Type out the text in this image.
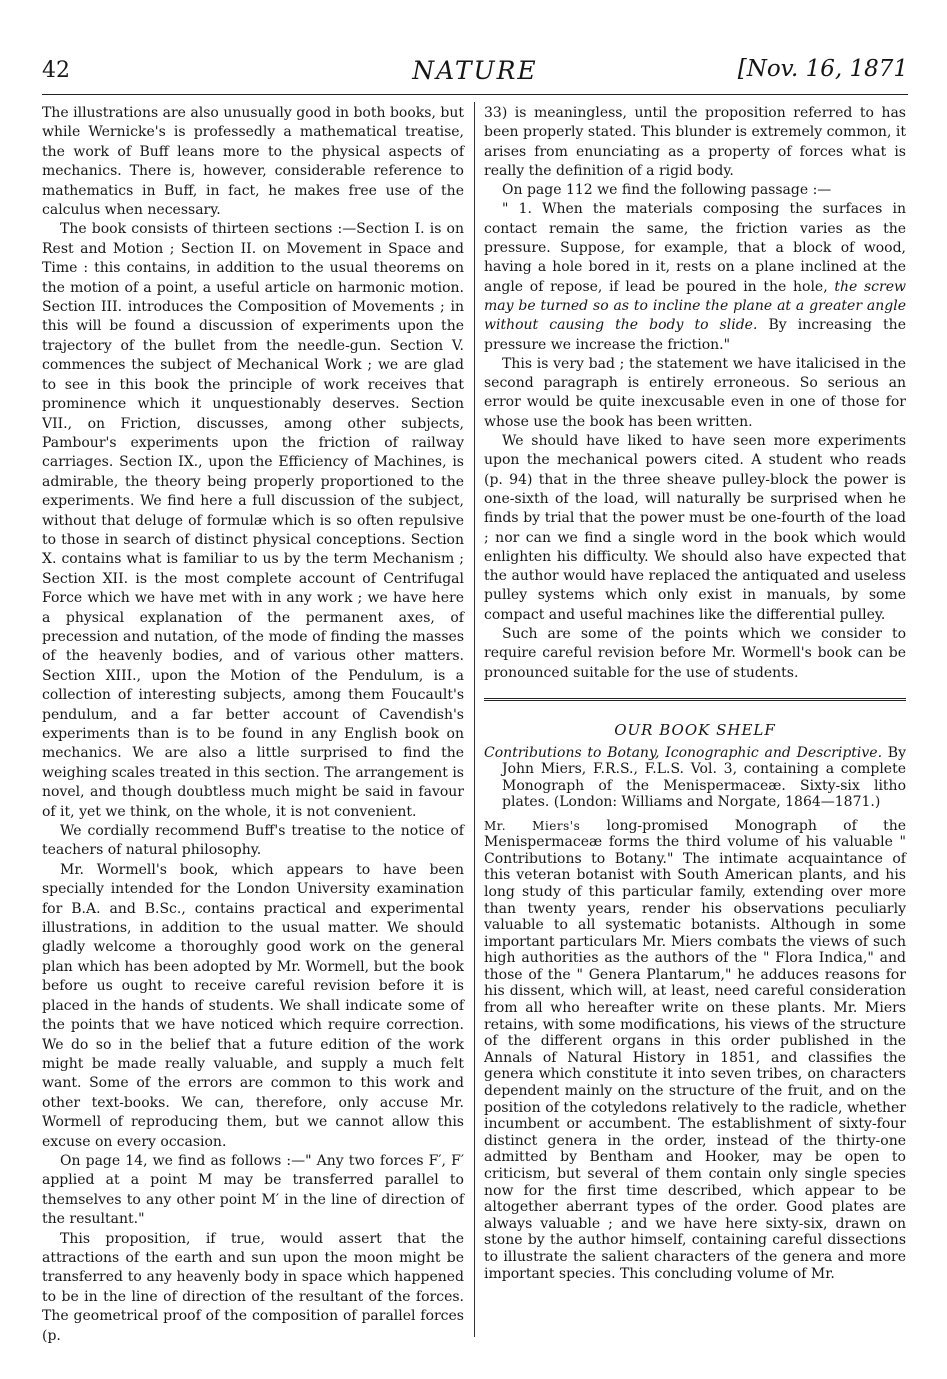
42	NATURE	[Nov. 16, 1871

The illustrations are also unusually good in both books, but while Wernicke's is professedly a mathematical treatise, the work of Buff leans more to the physical aspects of mechanics. There is, however, considerable reference to mathematics in Buff, in fact, he makes free use of the calculus when necessary.

The book consists of thirteen sections :—Section I. is on Rest and Motion ; Section II. on Movement in Space and Time : this contains, in addition to the usual theorems on the motion of a point, a useful article on harmonic motion. Section III. introduces the Composition of Movements ; in this will be found a discussion of experiments upon the trajectory of the bullet from the needle-gun. Section V. commences the subject of Mechanical Work ; we are glad to see in this book the principle of work receives that prominence which it unquestionably deserves. Section VII., on Friction, discusses, among other subjects, Pambour's experiments upon the friction of railway carriages. Section IX., upon the Efficiency of Machines, is admirable, the theory being properly proportioned to the experiments. We find here a full discussion of the subject, without that deluge of formulæ which is so often repulsive to those in search of distinct physical conceptions. Section X. contains what is familiar to us by the term Mechanism ; Section XII. is the most complete account of Centrifugal Force which we have met with in any work ; we have here a physical explanation of the permanent axes, of precession and nutation, of the mode of finding the masses of the heavenly bodies, and of various other matters. Section XIII., upon the Motion of the Pendulum, is a collection of interesting subjects, among them Foucault's pendulum, and a far better account of Cavendish's experiments than is to be found in any English book on mechanics. We are also a little surprised to find the weighing scales treated in this section. The arrangement is novel, and though doubtless much might be said in favour of it, yet we think, on the whole, it is not convenient.

We cordially recommend Buff's treatise to the notice of teachers of natural philosophy.

Mr. Wormell's book, which appears to have been specially intended for the London University examination for B.A. and B.Sc., contains practical and experimental illustrations, in addition to the usual matter. We should gladly welcome a thoroughly good work on the general plan which has been adopted by Mr. Wormell, but the book before us ought to receive careful revision before it is placed in the hands of students. We shall indicate some of the points that we have noticed which require correction. We do so in the belief that a future edition of the work might be made really valuable, and supply a much felt want. Some of the errors are common to this work and other text-books. We can, therefore, only accuse Mr. Wormell of reproducing them, but we cannot allow this excuse on every occasion.

On page 14, we find as follows :—" Any two forces F′, F′ applied at a point M may be transferred parallel to themselves to any other point M′ in the line of direction of the resultant."

This proposition, if true, would assert that the attractions of the earth and sun upon the moon might be transferred to any heavenly body in space which happened to be in the line of direction of the resultant of the forces. The geometrical proof of the composition of parallel forces (p.

33) is meaningless, until the proposition referred to has been properly stated. This blunder is extremely common, it arises from enunciating as a property of forces what is really the definition of a rigid body.

On page 112 we find the following passage :—

" 1. When the materials composing the surfaces in contact remain the same, the friction varies as the pressure. Suppose, for example, that a block of wood, having a hole bored in it, rests on a plane inclined at the angle of repose, if lead be poured in the hole, the screw may be turned so as to incline the plane at a greater angle without causing the body to slide. By increasing the pressure we increase the friction."

This is very bad ; the statement we have italicised in the second paragraph is entirely erroneous. So serious an error would be quite inexcusable even in one of those for whose use the book has been written.

We should have liked to have seen more experiments upon the mechanical powers cited. A student who reads (p. 94) that in the three sheave pulley-block the power is one-sixth of the load, will naturally be surprised when he finds by trial that the power must be one-fourth of the load ; nor can we find a single word in the book which would enlighten his difficulty. We should also have expected that the author would have replaced the antiquated and useless pulley systems which only exist in manuals, by some compact and useful machines like the differential pulley.

Such are some of the points which we consider to require careful revision before Mr. Wormell's book can be pronounced suitable for the use of students.

OUR BOOK SHELF

Contributions to Botany, Iconographic and Descriptive. By John Miers, F.R.S., F.L.S. Vol. 3, containing a complete Monograph of the Menispermaceæ. Sixty-six litho plates. (London: Williams and Norgate, 1864—1871.)

Mr. Miers's long-promised Monograph of the Menispermaceæ forms the third volume of his valuable " Contributions to Botany." The intimate acquaintance of this veteran botanist with South American plants, and his long study of this particular family, extending over more than twenty years, render his observations peculiarly valuable to all systematic botanists. Although in some important particulars Mr. Miers combats the views of such high authorities as the authors of the " Flora Indica," and those of the " Genera Plantarum," he adduces reasons for his dissent, which will, at least, need careful consideration from all who hereafter write on these plants. Mr. Miers retains, with some modifications, his views of the structure of the different organs in this order published in the Annals of Natural History in 1851, and classifies the genera which constitute it into seven tribes, on characters dependent mainly on the structure of the fruit, and on the position of the cotyledons relatively to the radicle, whether incumbent or accumbent. The establishment of sixty-four distinct genera in the order, instead of the thirty-one admitted by Bentham and Hooker, may be open to criticism, but several of them contain only single species now for the first time described, which appear to be altogether aberrant types of the order. Good plates are always valuable ; and we have here sixty-six, drawn on stone by the author himself, containing careful dissections to illustrate the salient characters of the genera and more important species. This concluding volume of Mr.
